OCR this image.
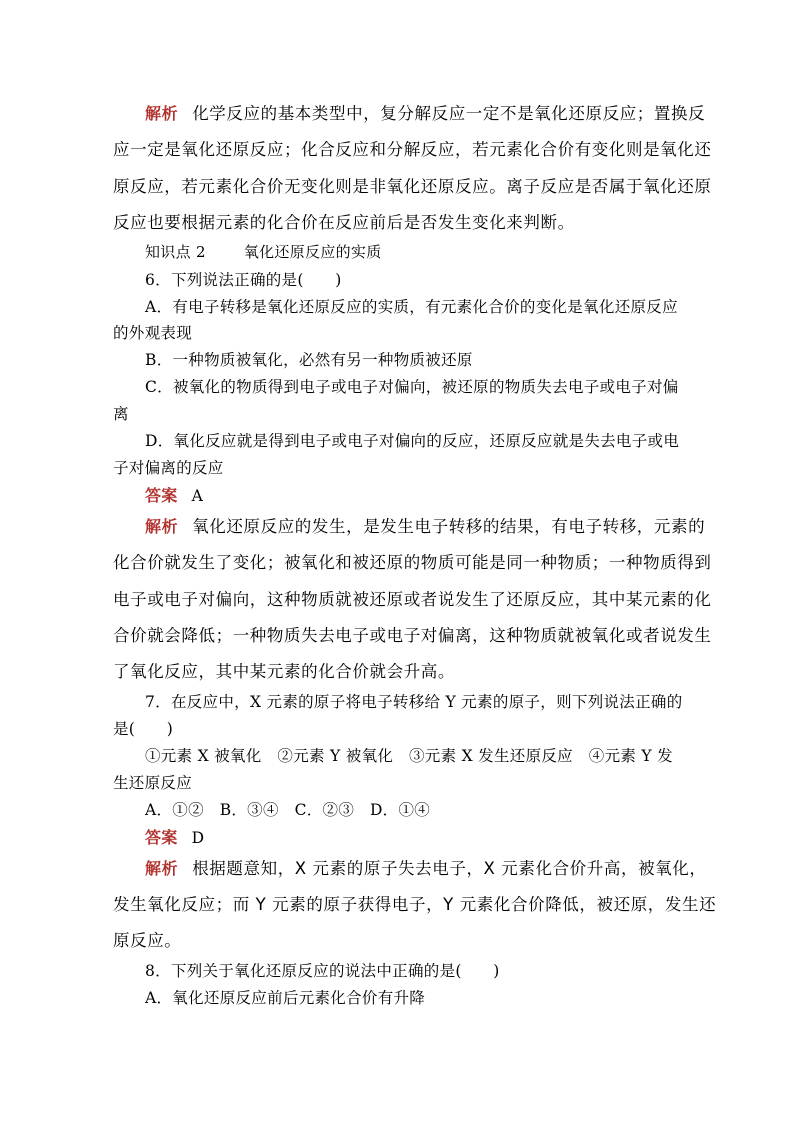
解析 化学反应的基本类型中，复分解反应一定不是氧化还原反应；置换反
应一定是氧化还原反应；化合反应和分解反应，若元素化合价有变化则是氧化还
原反应，若元素化合价无变化则是非氧化还原反应。离子反应是否属于氧化还原
反应也要根据元素的化合价在反应前后是否发生变化来判断。
知识点 2	氧化还原反应的实质
6．下列说法正确的是(　　)
A．有电子转移是氧化还原反应的实质，有元素化合价的变化是氧化还原反应
的外观表现
B．一种物质被氧化，必然有另一种物质被还原
C．被氧化的物质得到电子或电子对偏向，被还原的物质失去电子或电子对偏
离
D．氧化反应就是得到电子或电子对偏向的反应，还原反应就是失去电子或电
子对偏离的反应
答案 A
解析 氧化还原反应的发生，是发生电子转移的结果，有电子转移，元素的
化合价就发生了变化；被氧化和被还原的物质可能是同一种物质；一种物质得到
电子或电子对偏向，这种物质就被还原或者说发生了还原反应，其中某元素的化
合价就会降低；一种物质失去电子或电子对偏离，这种物质就被氧化或者说发生
了氧化反应，其中某元素的化合价就会升高。
7．在反应中，X 元素的原子将电子转移给 Y 元素的原子，则下列说法正确的
是(　　)
①元素 X 被氧化　②元素 Y 被氧化　③元素 X 发生还原反应　④元素 Y 发
生还原反应
A．①②　B．③④　C．②③　D．①④
答案 D
解析 根据题意知，X 元素的原子失去电子，X 元素化合价升高，被氧化，
发生氧化反应；而 Y 元素的原子获得电子，Y 元素化合价降低，被还原，发生还
原反应。
8．下列关于氧化还原反应的说法中正确的是(　　)
A．氧化还原反应前后元素化合价有升降
